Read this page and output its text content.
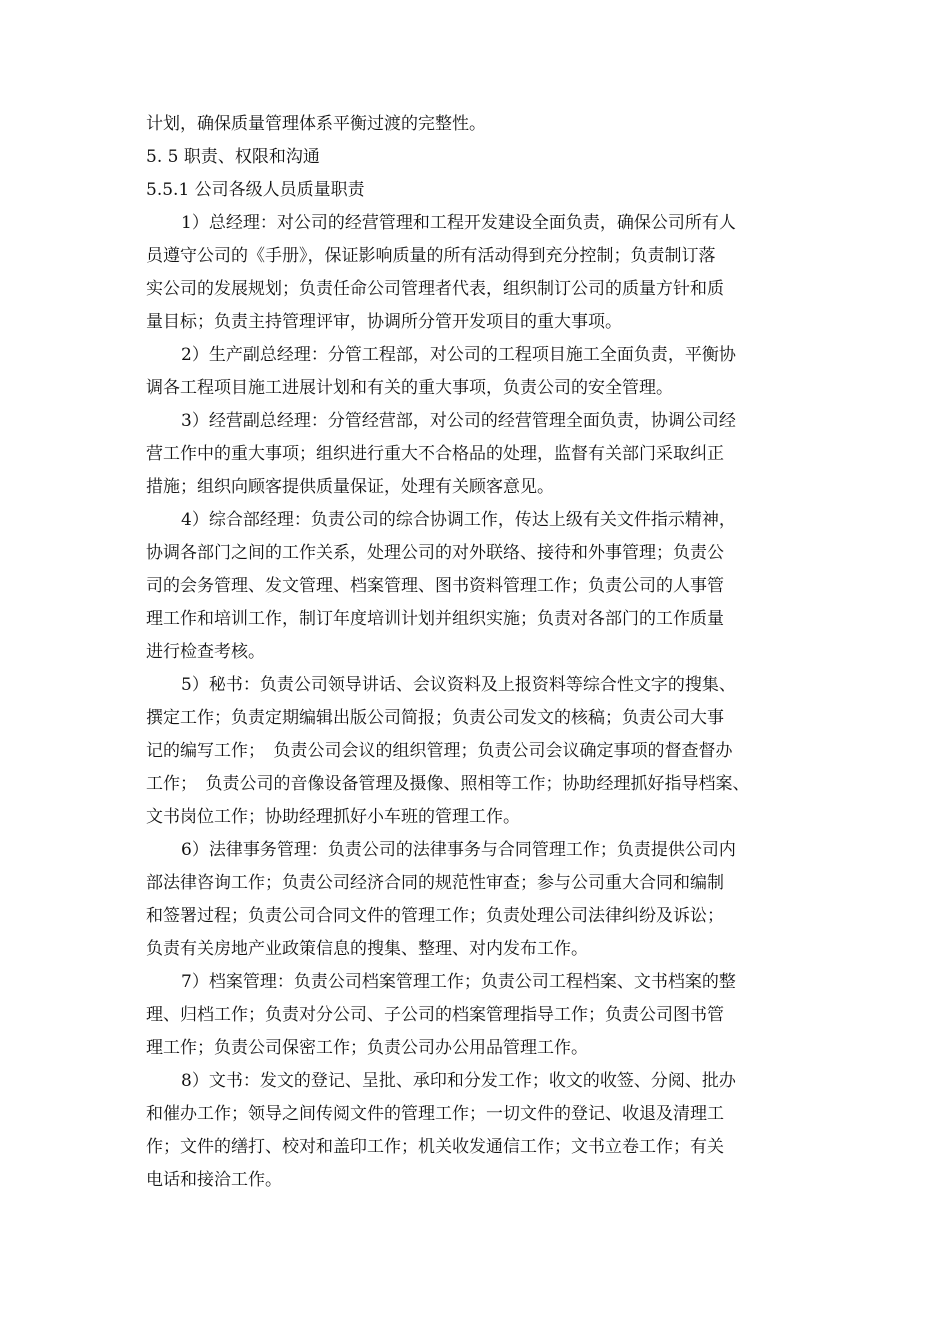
计划，确保质量管理体系平衡过渡的完整性。

5. 5 职责、权限和沟通

5.5.1 公司各级人员质量职责

1）总经理：对公司的经营管理和工程开发建设全面负责，确保公司所有人

员遵守公司的《手册》，保证影响质量的所有活动得到充分控制；负责制订落

实公司的发展规划；负责任命公司管理者代表，组织制订公司的质量方针和质

量目标；负责主持管理评审，协调所分管开发项目的重大事项。

2）生产副总经理：分管工程部，对公司的工程项目施工全面负责，平衡协

调各工程项目施工进展计划和有关的重大事项，负责公司的安全管理。

3）经营副总经理：分管经营部，对公司的经营管理全面负责，协调公司经

营工作中的重大事项；组织进行重大不合格品的处理，监督有关部门采取纠正

措施；组织向顾客提供质量保证，处理有关顾客意见。

4）综合部经理：负责公司的综合协调工作，传达上级有关文件指示精神，

协调各部门之间的工作关系，处理公司的对外联络、接待和外事管理；负责公

司的会务管理、发文管理、档案管理、图书资料管理工作；负责公司的人事管

理工作和培训工作，制订年度培训计划并组织实施；负责对各部门的工作质量

进行检查考核。

5）秘书：负责公司领导讲话、会议资料及上报资料等综合性文字的搜集、

撰定工作；负责定期编辑出版公司简报；负责公司发文的核稿；负责公司大事

记的编写工作；　负责公司会议的组织管理；负责公司会议确定事项的督查督办

工作；　负责公司的音像设备管理及摄像、照相等工作；协助经理抓好指导档案、

文书岗位工作；协助经理抓好小车班的管理工作。

6）法律事务管理：负责公司的法律事务与合同管理工作；负责提供公司内

部法律咨询工作；负责公司经济合同的规范性审查；参与公司重大合同和编制

和签署过程；负责公司合同文件的管理工作；负责处理公司法律纠纷及诉讼；

负责有关房地产业政策信息的搜集、整理、对内发布工作。

7）档案管理：负责公司档案管理工作；负责公司工程档案、文书档案的整

理、归档工作；负责对分公司、子公司的档案管理指导工作；负责公司图书管

理工作；负责公司保密工作；负责公司办公用品管理工作。

8）文书：发文的登记、呈批、承印和分发工作；收文的收签、分阅、批办

和催办工作；领导之间传阅文件的管理工作；一切文件的登记、收退及清理工

作；文件的缮打、校对和盖印工作；机关收发通信工作；文书立卷工作；有关

电话和接洽工作。
